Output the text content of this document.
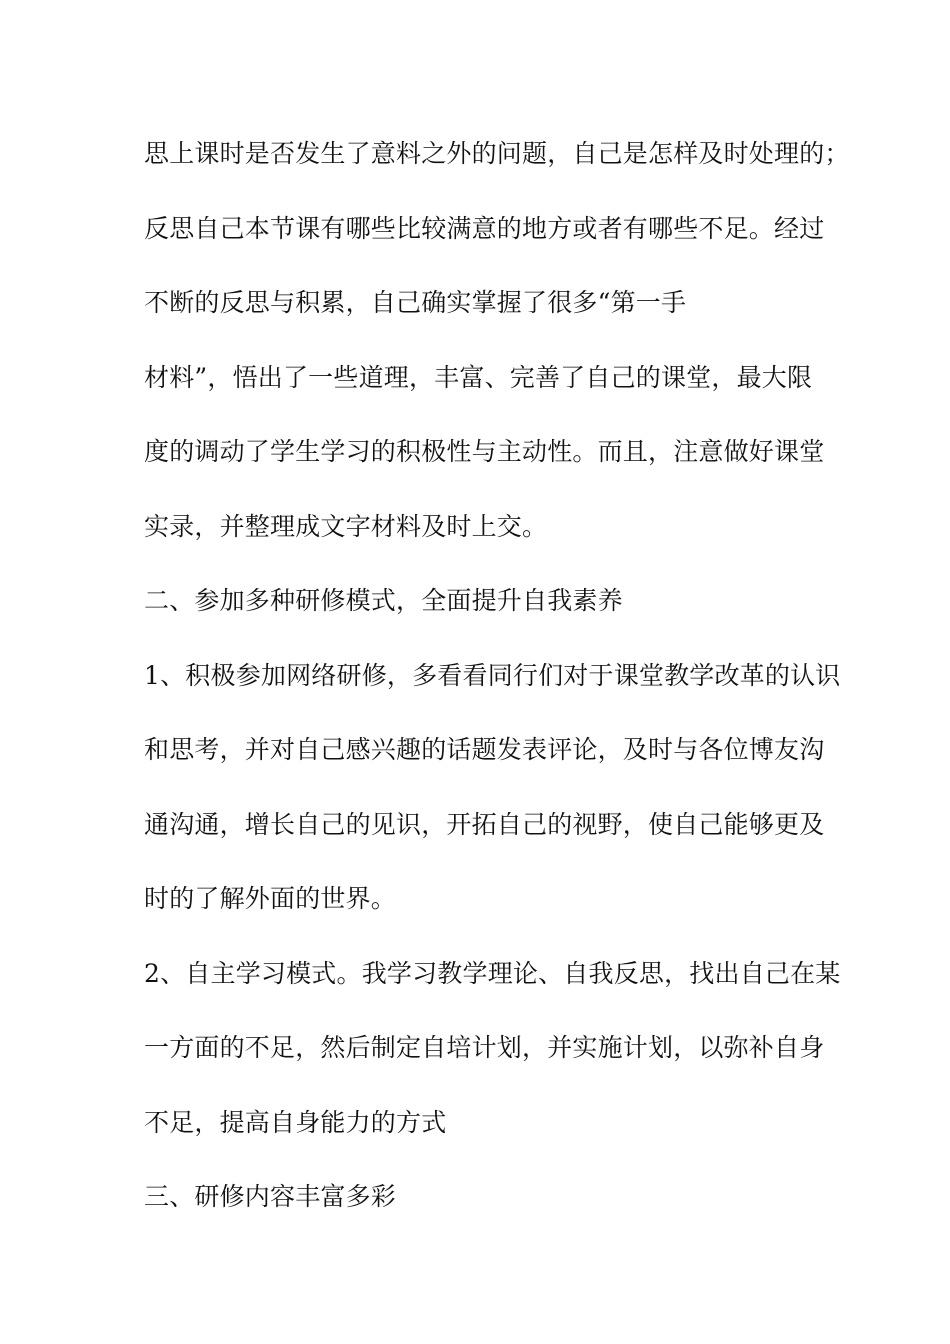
思上课时是否发生了意料之外的问题，自己是怎样及时处理的；
反思自己本节课有哪些比较满意的地方或者有哪些不足。经过
不断的反思与积累，自己确实掌握了很多“第一手
材料”，悟出了一些道理，丰富、完善了自己的课堂，最大限
度的调动了学生学习的积极性与主动性。而且，注意做好课堂
实录，并整理成文字材料及时上交。
二、参加多种研修模式，全面提升自我素养
1、积极参加网络研修，多看看同行们对于课堂教学改革的认识
和思考，并对自己感兴趣的话题发表评论，及时与各位博友沟
通沟通，增长自己的见识，开拓自己的视野，使自己能够更及
时的了解外面的世界。
2、自主学习模式。我学习教学理论、自我反思，找出自己在某
一方面的不足，然后制定自培计划，并实施计划，以弥补自身
不足，提高自身能力的方式
三、研修内容丰富多彩
